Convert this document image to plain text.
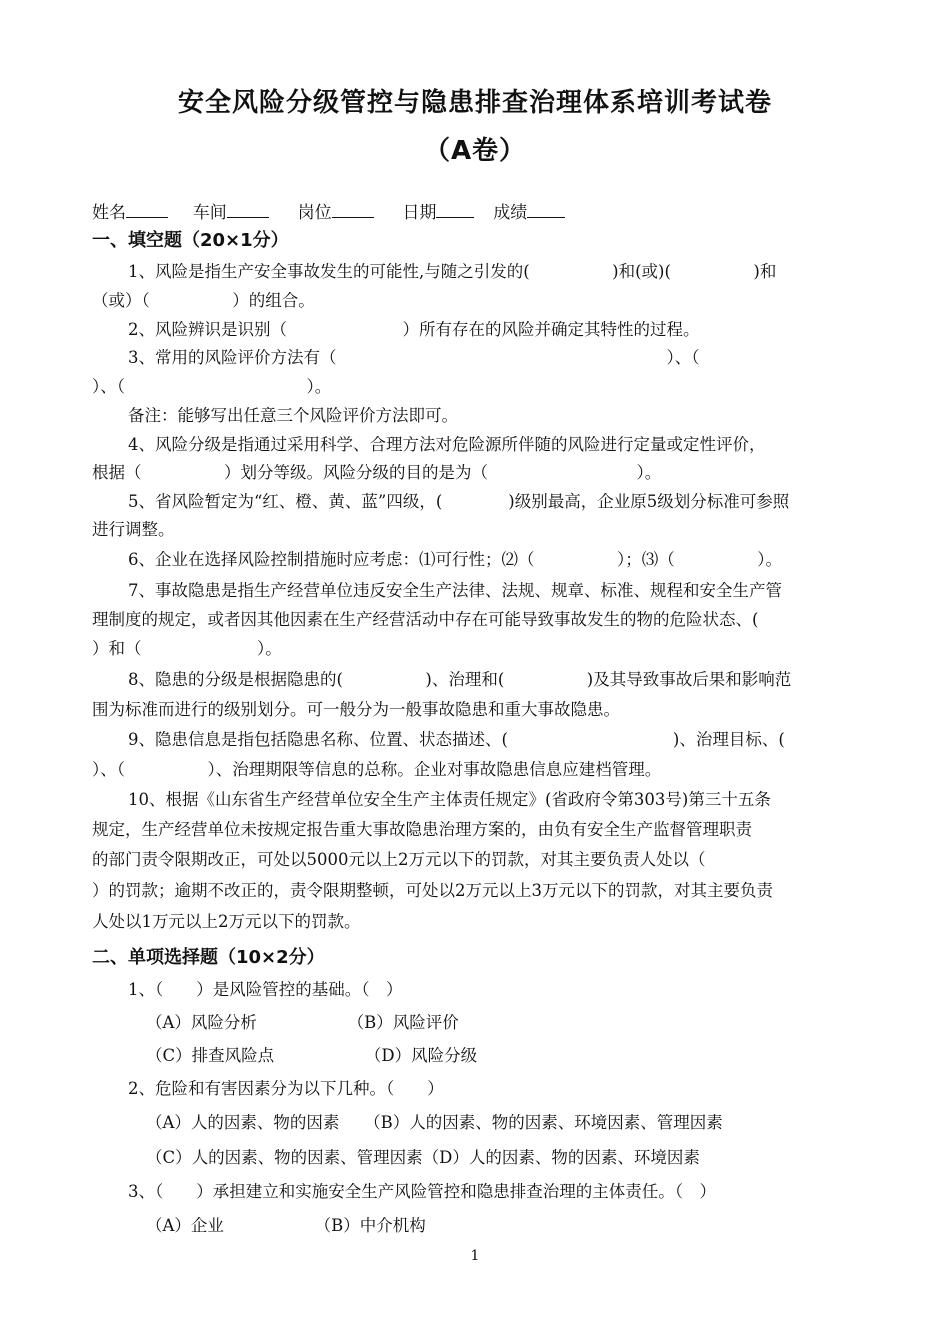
安全风险分级管控与隐患排查治理体系培训考试卷
（A卷）
姓名	车间	岗位	日期	成绩
一、填空题（20×1分）
1、风险是指生产安全事故发生的可能性,与随之引发的(　　　　　)和(或)(　　　　　)和
（或）（　　　　　）的组合。
2、风险辨识是识别（　　　　　　　）所有存在的风险并确定其特性的过程。
3、常用的风险评价方法有（　　　　　　　　　　　　　　　　　　　　）、（
）、（　　　　　　　　　　　）。
备注：能够写出任意三个风险评价方法即可。
4、风险分级是指通过采用科学、合理方法对危险源所伴随的风险进行定量或定性评价，
根据（　　　　　）划分等级。风险分级的目的是为（　　　　　　　　　）。
5、省风险暂定为“红、橙、黄、蓝”四级，(　　　　)级别最高，企业原5级划分标准可参照
进行调整。
6、企业在选择风险控制措施时应考虑：⑴可行性；⑵（　　　　　）；⑶（　　　　　）。
7、事故隐患是指生产经营单位违反安全生产法律、法规、规章、标准、规程和安全生产管
理制度的规定，或者因其他因素在生产经营活动中存在可能导致事故发生的物的危险状态、(
）和（　　　　　　　）。
8、隐患的分级是根据隐患的(　　　　　)、治理和(　　　　　)及其导致事故后果和影响范
围为标准而进行的级别划分。可一般分为一般事故隐患和重大事故隐患。
9、隐患信息是指包括隐患名称、位置、状态描述、(　　　　　　　　　　)、治理目标、(
）、（　　　　　）、治理期限等信息的总称。企业对事故隐患信息应建档管理。
10、根据《山东省生产经营单位安全生产主体责任规定》(省政府令第303号)第三十五条
规定，生产经营单位未按规定报告重大事故隐患治理方案的，由负有安全生产监督管理职责
的部门责令限期改正，可处以5000元以上2万元以下的罚款，对其主要负责人处以（
）的罚款；逾期不改正的，责令限期整顿，可处以2万元以上3万元以下的罚款，对其主要负责
人处以1万元以上2万元以下的罚款。
二、单项选择题（10×2分）
1、（　　）是风险管控的基础。（　）
（A）风险分析　　　　　　（B）风险评价
（C）排查风险点　　　　　　（D）风险分级
2、危险和有害因素分为以下几种。（　　）
（A）人的因素、物的因素　　（B）人的因素、物的因素、环境因素、管理因素
（C）人的因素、物的因素、管理因素（D）人的因素、物的因素、环境因素
3、（　　）承担建立和实施安全生产风险管控和隐患排查治理的主体责任。（　）
（A）企业　　　　　　（B）中介机构
1
